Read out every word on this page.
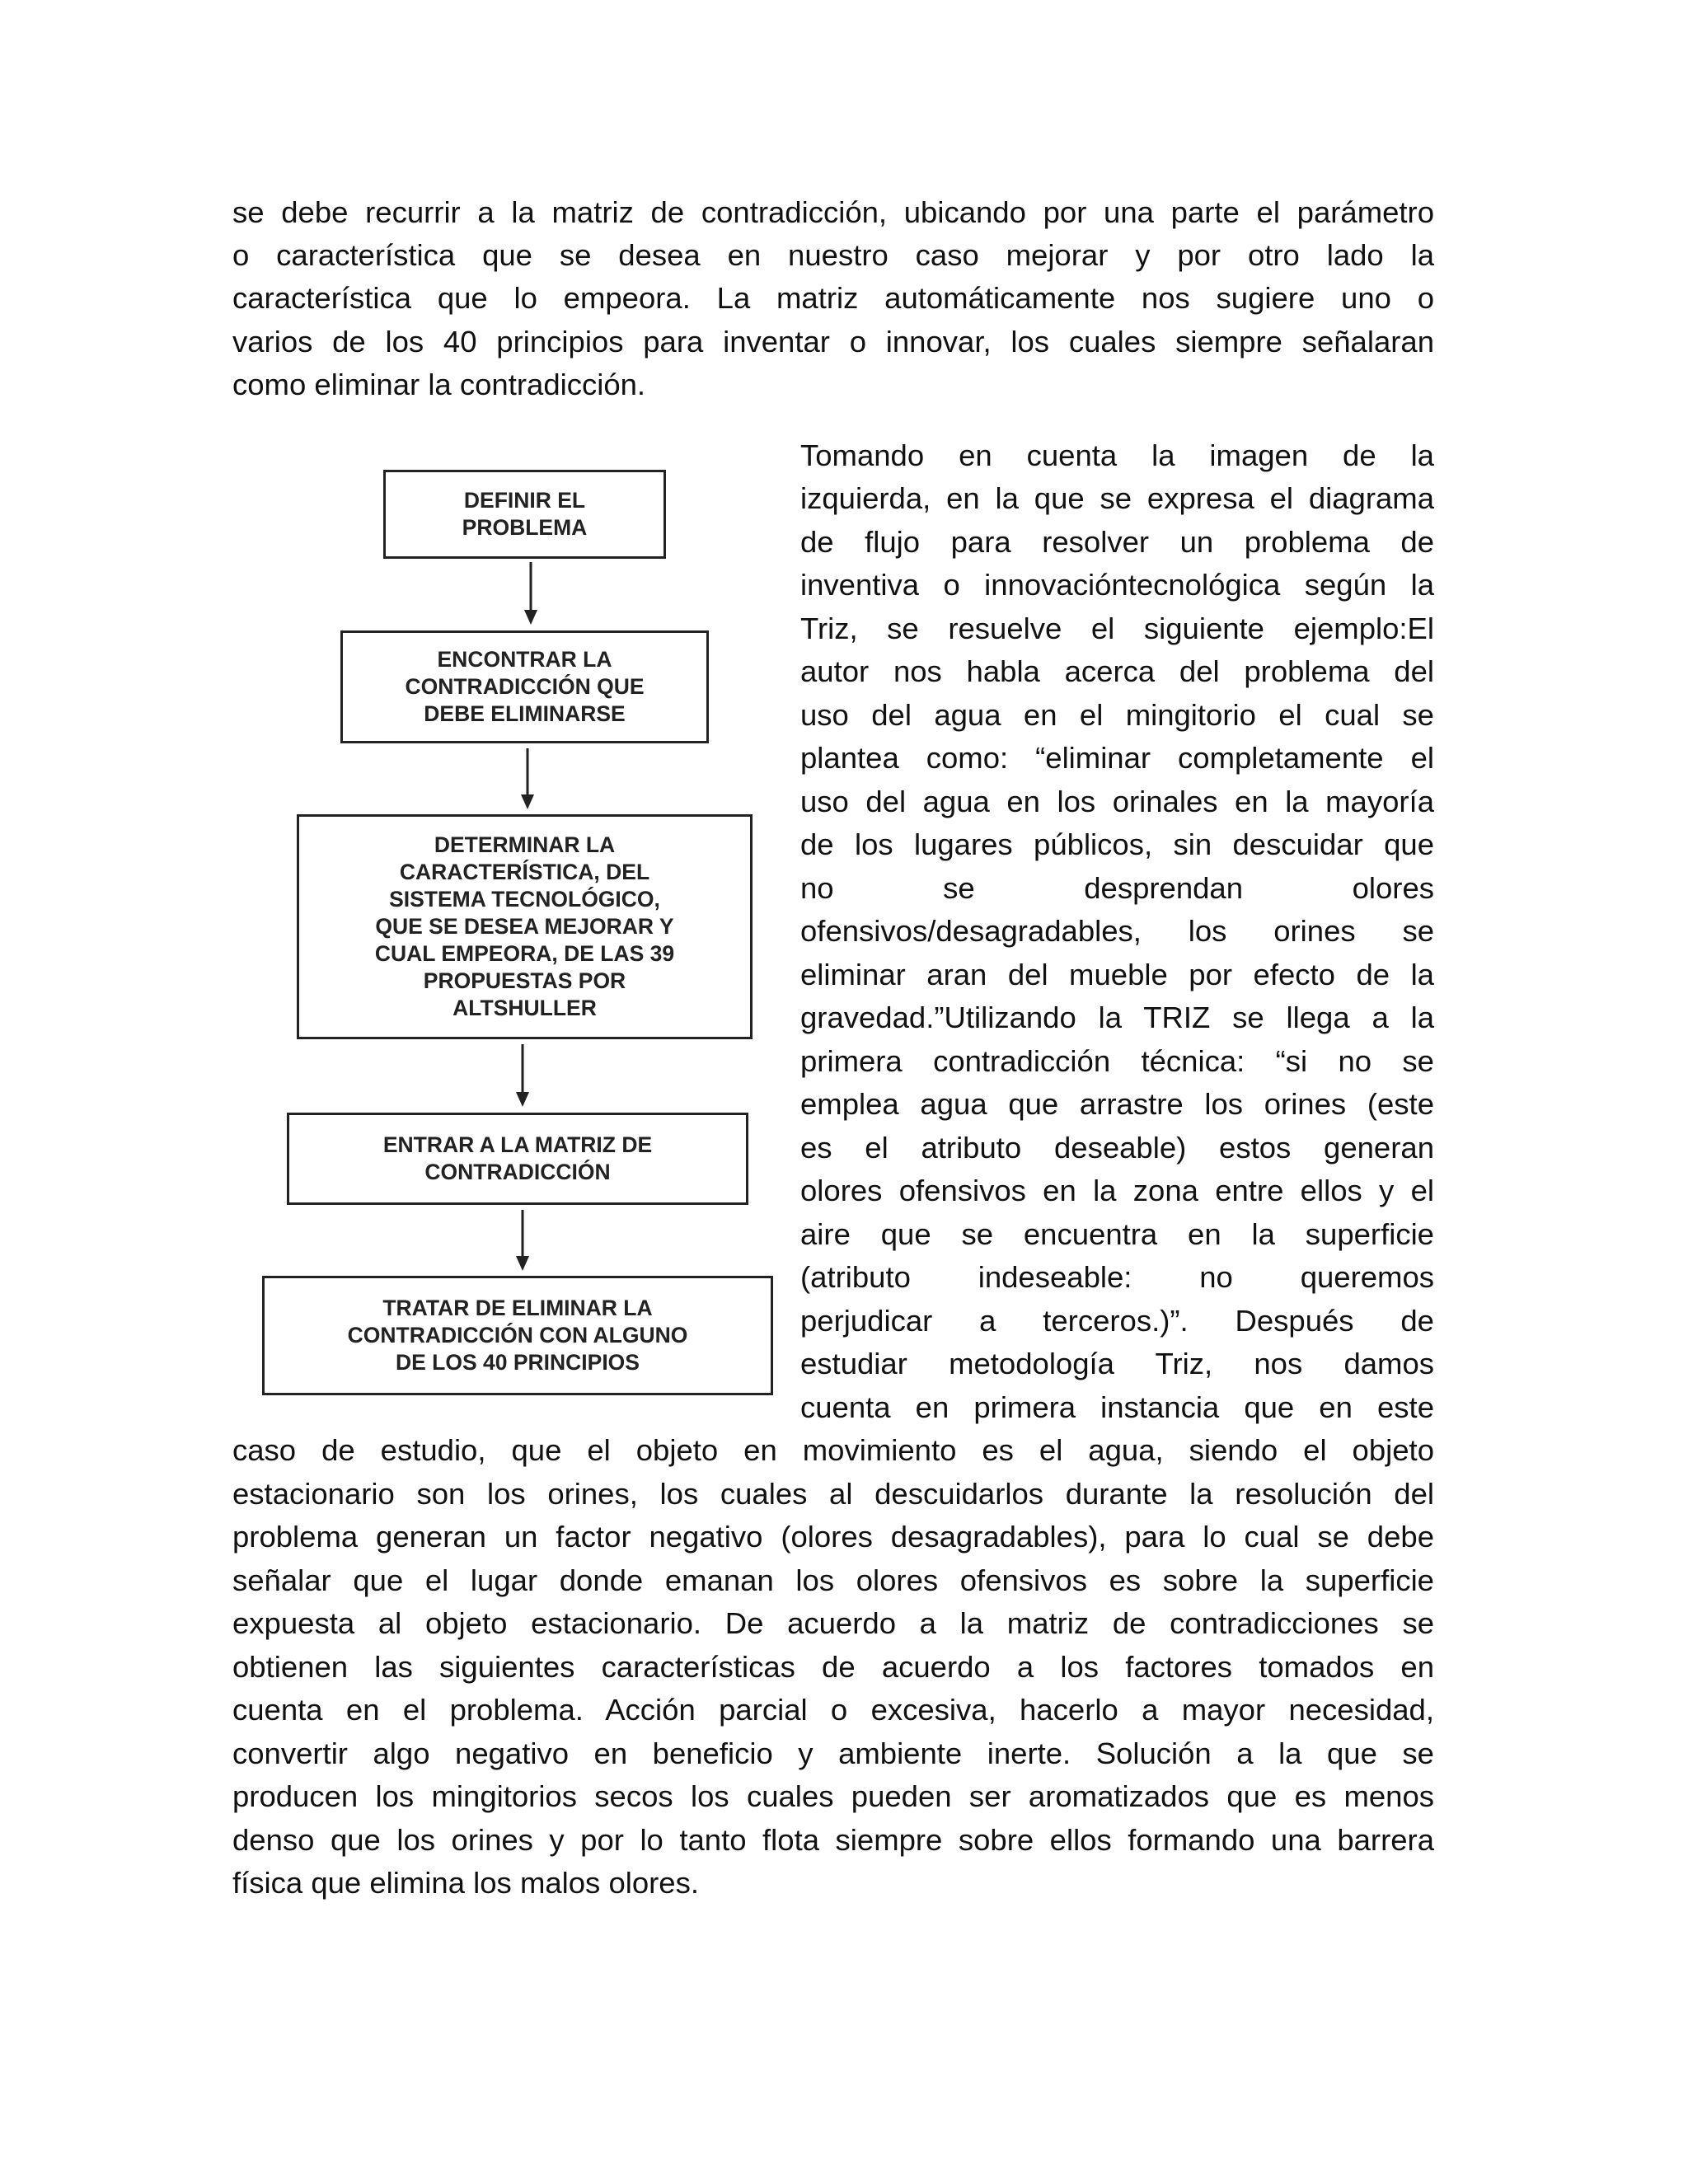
se debe recurrir a la matriz de contradicción, ubicando por una parte el parámetro
o característica que se desea en nuestro caso mejorar y por otro lado la
característica que lo empeora. La matriz automáticamente nos sugiere uno o
varios de los 40 principios para inventar o innovar, los cuales siempre señalaran
como eliminar la contradicción.
DEFINIR EL
PROBLEMA
ENCONTRAR LA
CONTRADICCIÓN QUE
DEBE ELIMINARSE
DETERMINAR LA
CARACTERÍSTICA, DEL
SISTEMA TECNOLÓGICO,
QUE SE DESEA MEJORAR Y
CUAL EMPEORA, DE LAS 39
PROPUESTAS POR
ALTSHULLER
ENTRAR A LA MATRIZ DE
CONTRADICCIÓN
TRATAR DE ELIMINAR LA
CONTRADICCIÓN CON ALGUNO
DE LOS 40 PRINCIPIOS
Tomando en cuenta la imagen de la
izquierda, en la que se expresa el diagrama
de flujo para resolver un problema de
inventiva o innovacióntecnológica según la
Triz, se resuelve el siguiente ejemplo:El
autor nos habla acerca del problema del
uso del agua en el mingitorio el cual se
plantea como: “eliminar completamente el
uso del agua en los orinales en la mayoría
de los lugares públicos, sin descuidar que
no se desprendan olores
ofensivos/desagradables, los orines se
eliminar aran del mueble por efecto de la
gravedad.”Utilizando la TRIZ se llega a la
primera contradicción técnica: “si no se
emplea agua que arrastre los orines (este
es el atributo deseable) estos generan
olores ofensivos en la zona entre ellos y el
aire que se encuentra en la superficie
(atributo indeseable: no queremos
perjudicar a terceros.)”. Después de
estudiar metodología Triz, nos damos
cuenta en primera instancia que en este
caso de estudio, que el objeto en movimiento es el agua, siendo el objeto
estacionario son los orines, los cuales al descuidarlos durante la resolución del
problema generan un factor negativo (olores desagradables), para lo cual se debe
señalar que el lugar donde emanan los olores ofensivos es sobre la superficie
expuesta al objeto estacionario. De acuerdo a la matriz de contradicciones se
obtienen las siguientes características de acuerdo a los factores tomados en
cuenta en el problema. Acción parcial o excesiva, hacerlo a mayor necesidad,
convertir algo negativo en beneficio y ambiente inerte. Solución a la que se
producen los mingitorios secos los cuales pueden ser aromatizados que es menos
denso que los orines y por lo tanto flota siempre sobre ellos formando una barrera
física que elimina los malos olores.
